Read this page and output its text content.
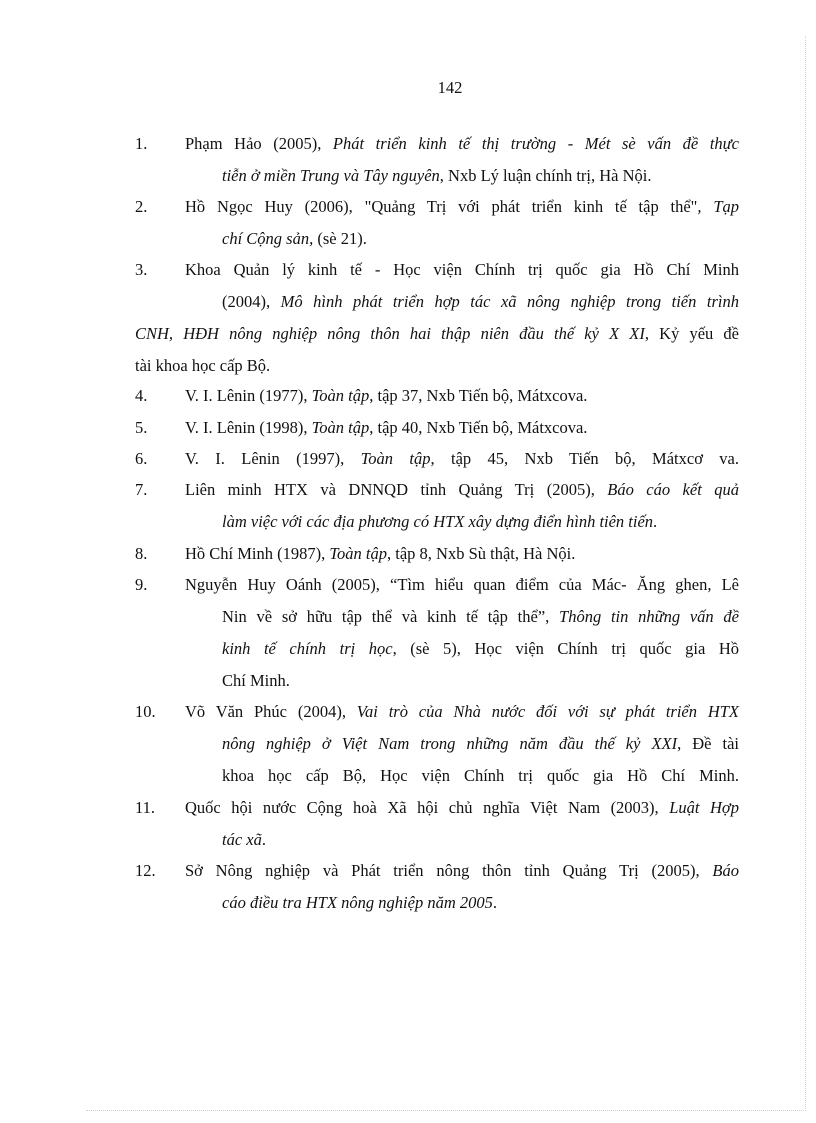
142
1.	Phạm Hảo (2005), Phát triển kinh tế thị trường - Mét sè vấn đề thực
tiễn ở miền Trung và Tây nguyên, Nxb Lý luận chính trị, Hà Nội.
2.	Hồ Ngọc Huy (2006), "Quảng Trị với phát triển kinh tế tập thể", Tạp
chí Cộng sản, (sè 21).
3.	Khoa Quản lý kinh tế - Học viện Chính trị quốc gia Hồ Chí Minh
(2004), Mô hình phát triển hợp tác xã nông nghiệp trong tiến trình
CNH, HĐH nông nghiệp nông thôn hai thập niên đầu thế kỷ X XI, Kỷ yếu đề
tài khoa học cấp Bộ.
4.	V. I. Lênin (1977), Toàn tập, tập 37, Nxb Tiến bộ, Mátxcova.
5.	V. I. Lênin (1998), Toàn tập, tập 40, Nxb Tiến bộ, Mátxcova.
6.	V. I. Lênin (1997), Toàn tập, tập 45, Nxb Tiến bộ, Mátxcơ va.
7.	Liên minh HTX và DNNQD tỉnh Quảng Trị (2005), Báo cáo kết quả
làm việc với các địa phương có HTX xây dựng điển hình tiên tiến.
8.	Hồ Chí Minh (1987), Toàn tập, tập 8, Nxb Sù thật, Hà Nội.
9.	Nguyễn Huy Oánh (2005), “Tìm hiểu quan điểm của Mác- Ăng ghen, Lê
Nin về sở hữu tập thể và kinh tế tập thể”, Thông tin những vấn đề
kinh tế chính trị học, (sè 5), Học viện Chính trị quốc gia Hồ
Chí Minh.
10.	Võ Văn Phúc (2004), Vai trò của Nhà nước đối với sự phát triển HTX
nông nghiệp ở Việt Nam trong những năm đầu thế kỷ XXI, Đề tài
khoa học cấp Bộ, Học viện Chính trị quốc gia Hồ Chí Minh.
11.	Quốc hội nước Cộng hoà Xã hội chủ nghĩa Việt Nam (2003), Luật Hợp
tác xã.
12.	Sở Nông nghiệp và Phát triển nông thôn tỉnh Quảng Trị (2005), Báo
cáo điều tra HTX nông nghiệp năm 2005.
